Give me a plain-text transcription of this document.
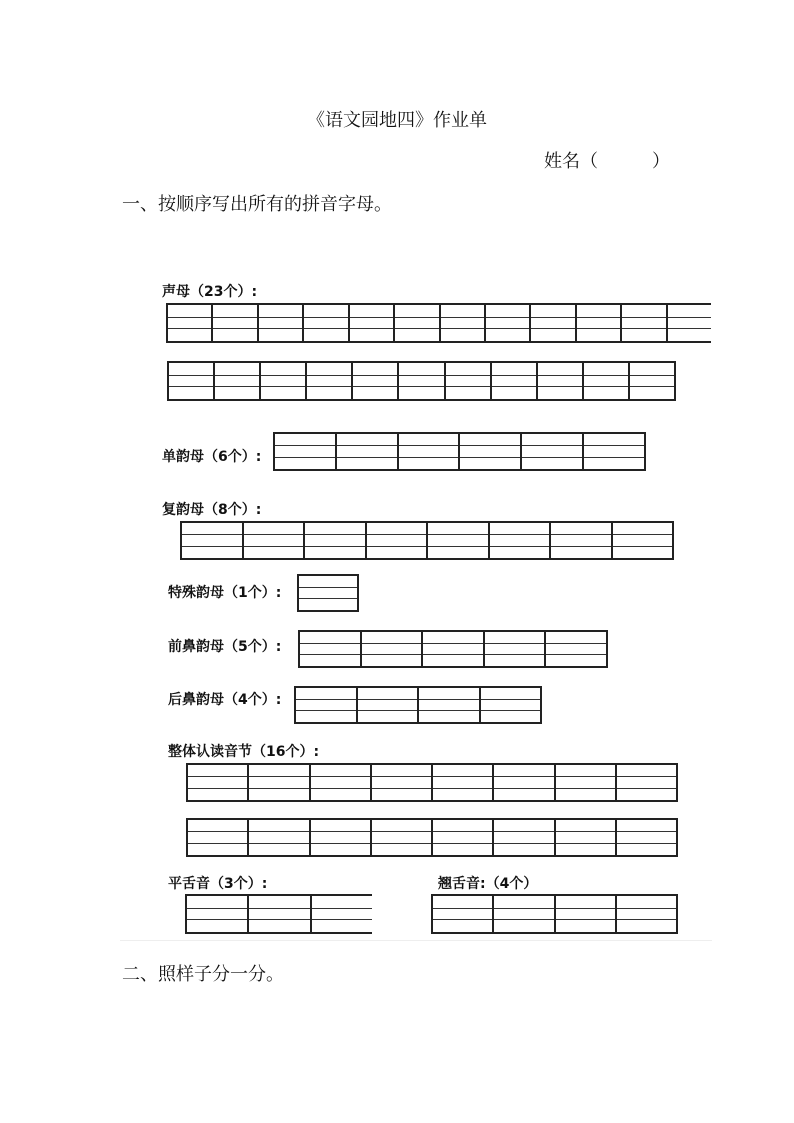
《语文园地四》作业单
姓名（　　　）
一、按顺序写出所有的拼音字母。
声母（23个）:
单韵母（6个）:
复韵母（8个）:
特殊韵母（1个）:
前鼻韵母（5个）:
后鼻韵母（4个）:
整体认读音节（16个）:
平舌音（3个）:	翘舌音:（4个）
二、照样子分一分。
